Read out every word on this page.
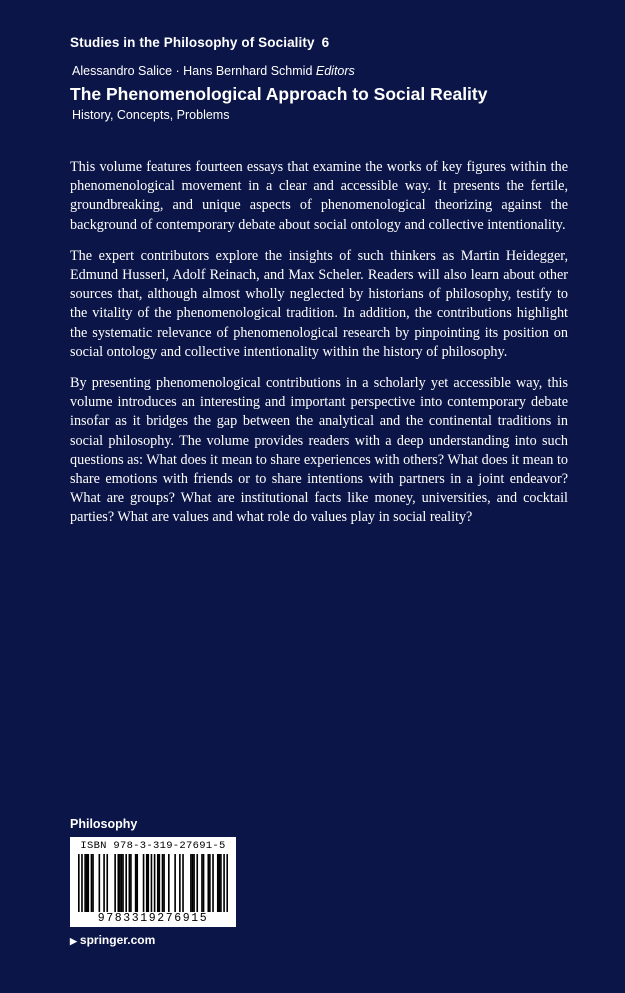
Studies in the Philosophy of Sociality 6
Alessandro Salice · Hans Bernhard Schmid Editors
The Phenomenological Approach to Social Reality
History, Concepts, Problems

This volume features fourteen essays that examine the works of key figures within the phenomenological movement in a clear and accessible way. It presents the fertile, groundbreaking, and unique aspects of phenomenological theorizing against the background of contemporary debate about social ontology and collective intentionality.

The expert contributors explore the insights of such thinkers as Martin Heidegger, Edmund Husserl, Adolf Reinach, and Max Scheler. Readers will also learn about other sources that, although almost wholly neglected by historians of philosophy, testify to the vitality of the phenomenological tradition. In addition, the contributions highlight the systematic relevance of phenomenological research by pinpointing its position on social ontology and collective intentionality within the history of philosophy.

By presenting phenomenological contributions in a scholarly yet accessible way, this volume introduces an interesting and important perspective into contemporary debate insofar as it bridges the gap between the analytical and the continental traditions in social philosophy. The volume provides readers with a deep understanding into such questions as: What does it mean to share experiences with others? What does it mean to share emotions with friends or to share intentions with partners in a joint endeavor? What are groups? What are institutional facts like money, universities, and cocktail parties? What are values and what role do values play in social reality?

Philosophy
ISBN 978-3-319-27691-5
9783319276915
▶ springer.com
